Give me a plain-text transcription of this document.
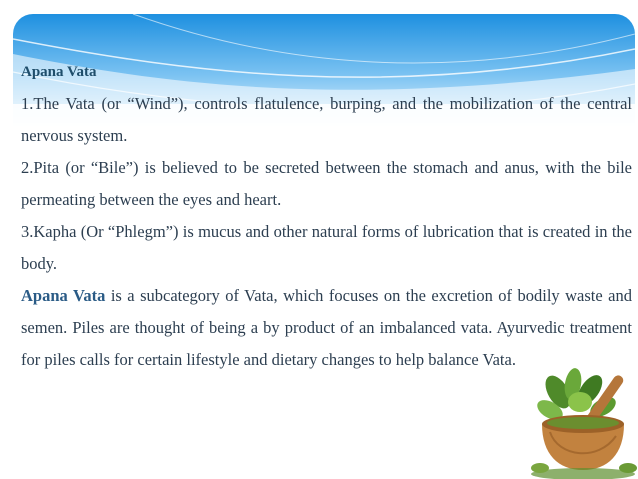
Apana Vata

1.The Vata (or “Wind”), controls flatulence, burping, and the mobilization of the central nervous system.

2.Pita (or “Bile”) is believed to be secreted between the stomach and anus, with the bile permeating between the eyes and heart.

3.Kapha (Or “Phlegm”) is mucus and other natural forms of lubrication that is created in the body.

Apana Vata is a subcategory of Vata, which focuses on the excretion of bodily waste and semen. Piles are thought of being a by product of an imbalanced vata. Ayurvedic treatment for piles calls for certain lifestyle and dietary changes to help balance Vata.
